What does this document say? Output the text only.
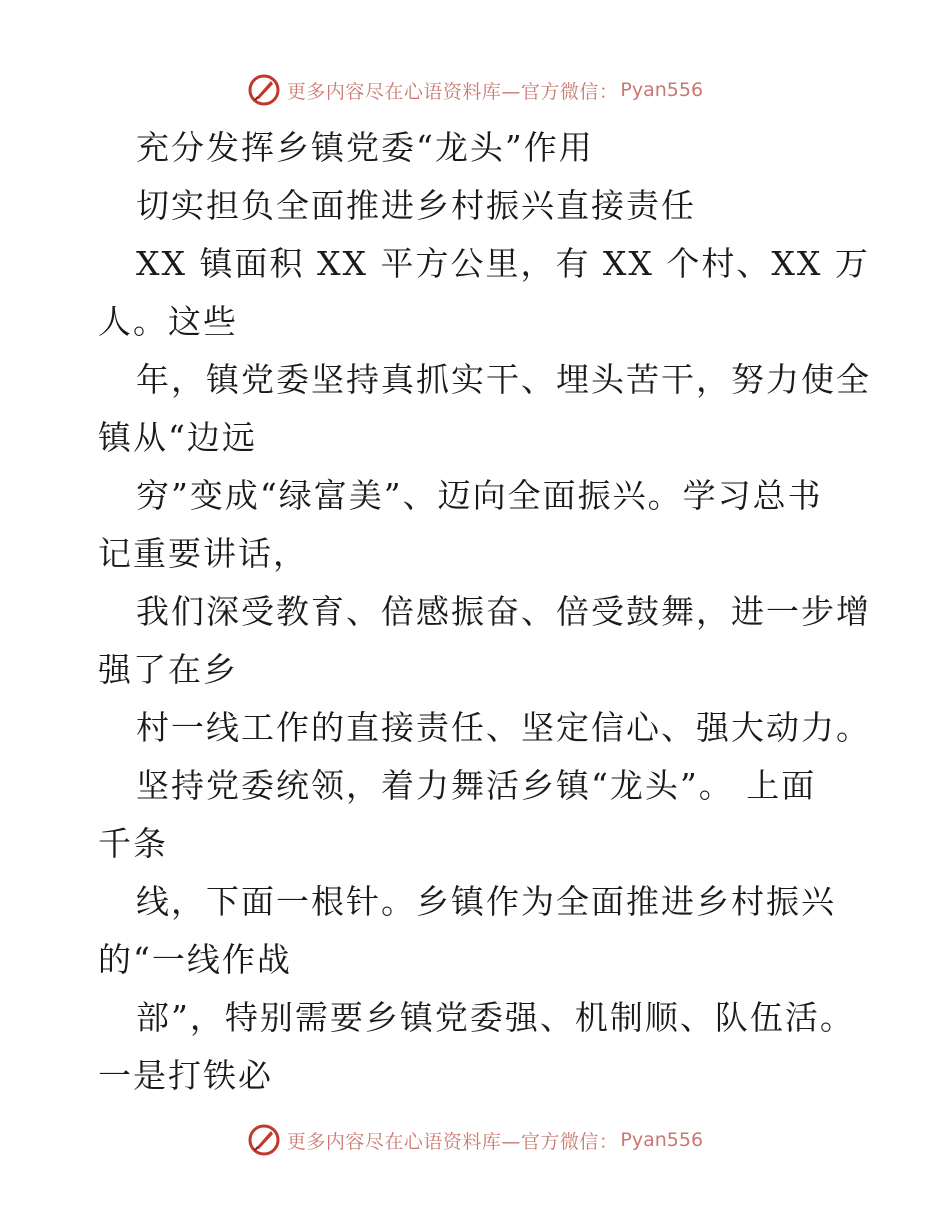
更多内容尽在心语资料库—官方微信： Pyan556
充分发挥乡镇党委“龙头”作用
切实担负全面推进乡村振兴直接责任
XX 镇面积 XX 平方公里，有 XX 个村、XX 万
人。这些
年，镇党委坚持真抓实干、埋头苦干，努力使全
镇从“边远
穷”变成“绿富美”、迈向全面振兴。学习总书
记重要讲话，
我们深受教育、倍感振奋、倍受鼓舞，进一步增
强了在乡
村一线工作的直接责任、坚定信心、强大动力。
坚持党委统领，着力舞活乡镇“龙头”。 上面
千条
线，下面一根针。乡镇作为全面推进乡村振兴
的“一线作战
部”，特别需要乡镇党委强、机制顺、队伍活。
一是打铁必
更多内容尽在心语资料库—官方微信： Pyan556
